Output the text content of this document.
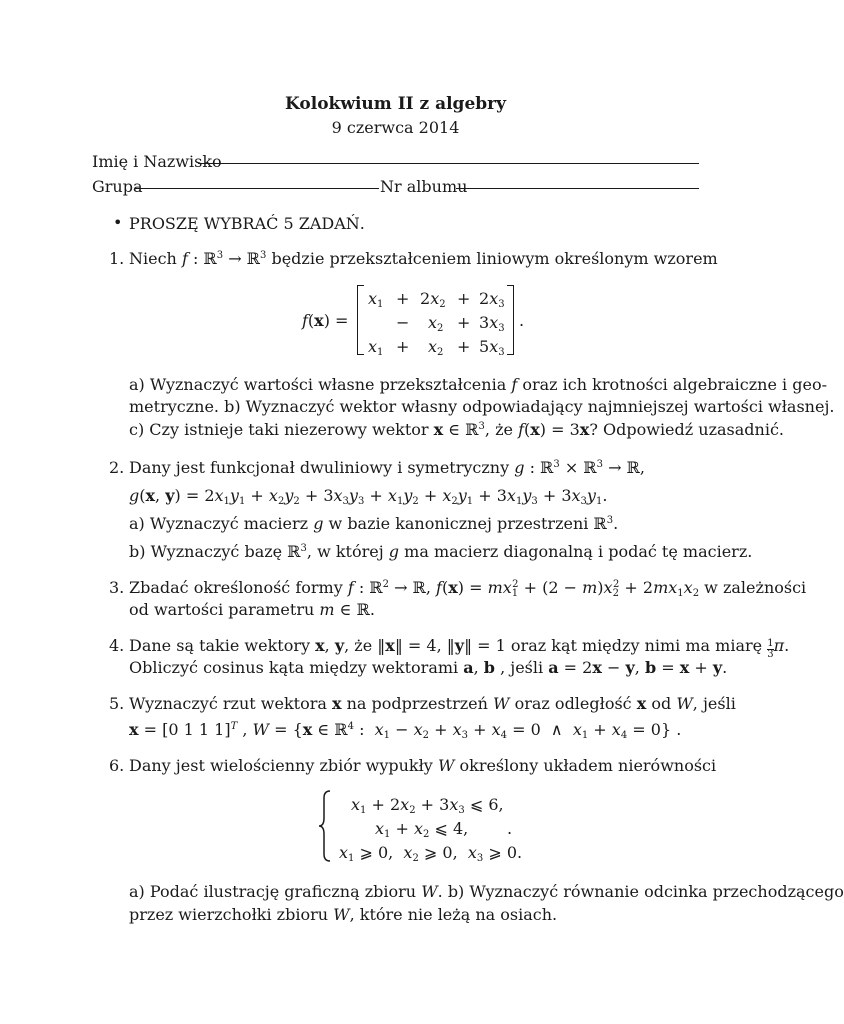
Kolokwium II z algebry
9 czerwca 2014
Imię i Nazwisko
Grupa	Nr albumu
• PROSZĘ WYBRAĆ 5 ZADAŃ.
1. Niech f : ℝ$^3$ → ℝ$^3$ będzie przekształceniem liniowym określonym wzorem
f(x) =
$x_1 + 2x_2 + 2x_3$
− $x_2 + 3x_3$
$x_1 + x_2 + 5x_3$
.
a) Wyznaczyć wartości własne przekształcenia f oraz ich krotności algebraiczne i geo-
metryczne. b) Wyznaczyć wektor własny odpowiadający najmniejszej wartości własnej.
c) Czy istnieje taki niezerowy wektor x ∈ ℝ$^3$, że f(x) = 3x? Odpowiedź uzasadnić.
2. Dany jest funkcjonał dwuliniowy i symetryczny g : ℝ$^3$ × ℝ$^3$ → ℝ,
g(x, $y) = 2x_1y_1 + x_2y_2 + 3x_3y_3 + x_1y_2 + x_2y_1 + 3x_1y_3 + 3x_3y_1$.
a) Wyznaczyć macierz g w bazie kanonicznej przestrzeni ℝ$^3$.
b) Wyznaczyć bazę ℝ$^3$, w której g ma macierz diagonalną i podać tę macierz.
3. Zbadać określoność formy f : ℝ$^2$ → ℝ, $f(x) = mx_1^2 + (2 - m)x_2^2 + 2mx_1x_2$ w zależności
od wartości parametru m ∈ ℝ.
4. Dane są takie wektory x, y, że ‖x‖ = 4, ‖y‖ = 1 oraz kąt między nimi ma miarę $\frac{1}{3} \pi$.
Obliczyć cosinus kąta między wektorami a, b , jeśli a = 2x − y, b = x + y.
5. Wyznaczyć rzut wektora x na podprzestrzeń W oraz odległość x od W, jeśli
x = [0 1 1 1]$^T$ , W = {x ∈ ℝ$^4$ :  $x_1 - x_2 + x_3 + x_4 = 0$  ∧  $x_1 + x_4 = 0$} .
6. Dany jest wielościenny zbiór wypukły W określony układem nierówności
$x_1 + 2x_2 + 3x_3$ ⩽ 6,
$x_1 + x_2$ ⩽ 4, .
$x_1$ ⩾ 0,  $x_2$ ⩾ 0,  $x_3$ ⩾ 0.
a) Podać ilustrację graficzną zbioru W. b) Wyznaczyć równanie odcinka przechodzącego
przez wierzchołki zbioru W, które nie leżą na osiach.
